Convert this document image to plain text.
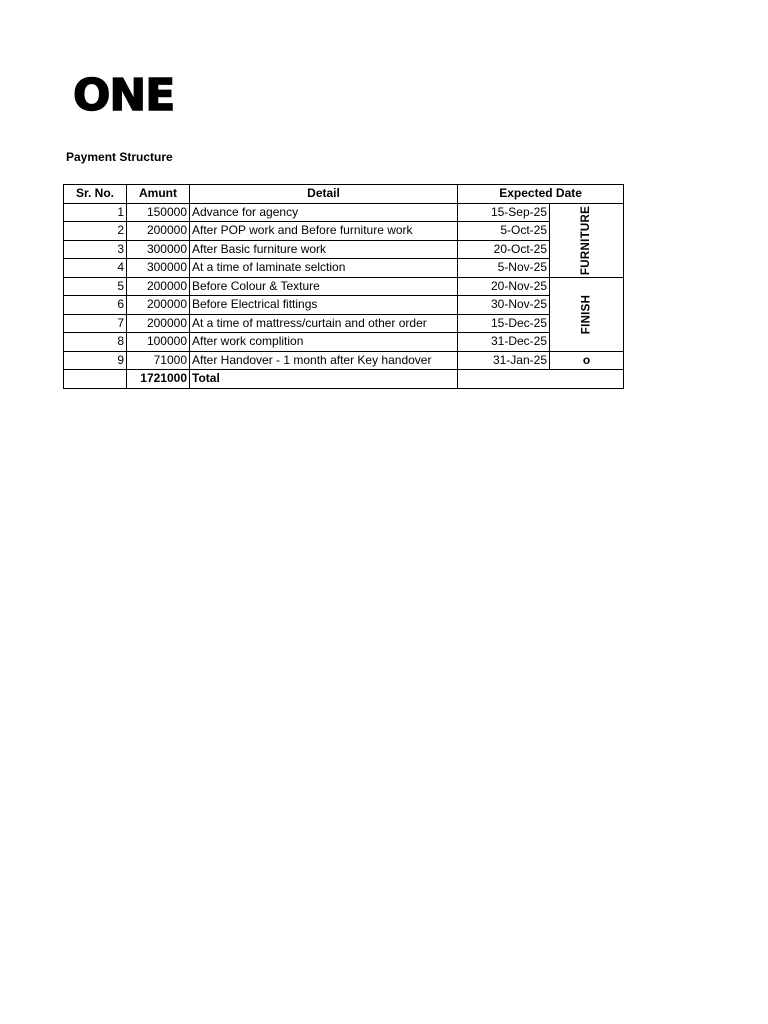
ONE
Payment Structure
Sr. No.	Amunt	Detail	Expected Date	
1	150000	Advance for agency	15-Sep-25	FURNITURE
2	200000	After POP work and Before furniture work	5-Oct-25	
3	300000	After Basic furniture work	20-Oct-25	
4	300000	At a time of laminate selction	5-Nov-25	
5	200000	Before Colour & Texture	20-Nov-25	FINISH
6	200000	Before Electrical fittings	30-Nov-25	
7	200000	At a time of mattress/curtain and other order	15-Dec-25	
8	100000	After work complition	31-Dec-25	
9	71000	After Handover - 1 month after Key handover	31-Jan-25	o
	1721000	Total		
